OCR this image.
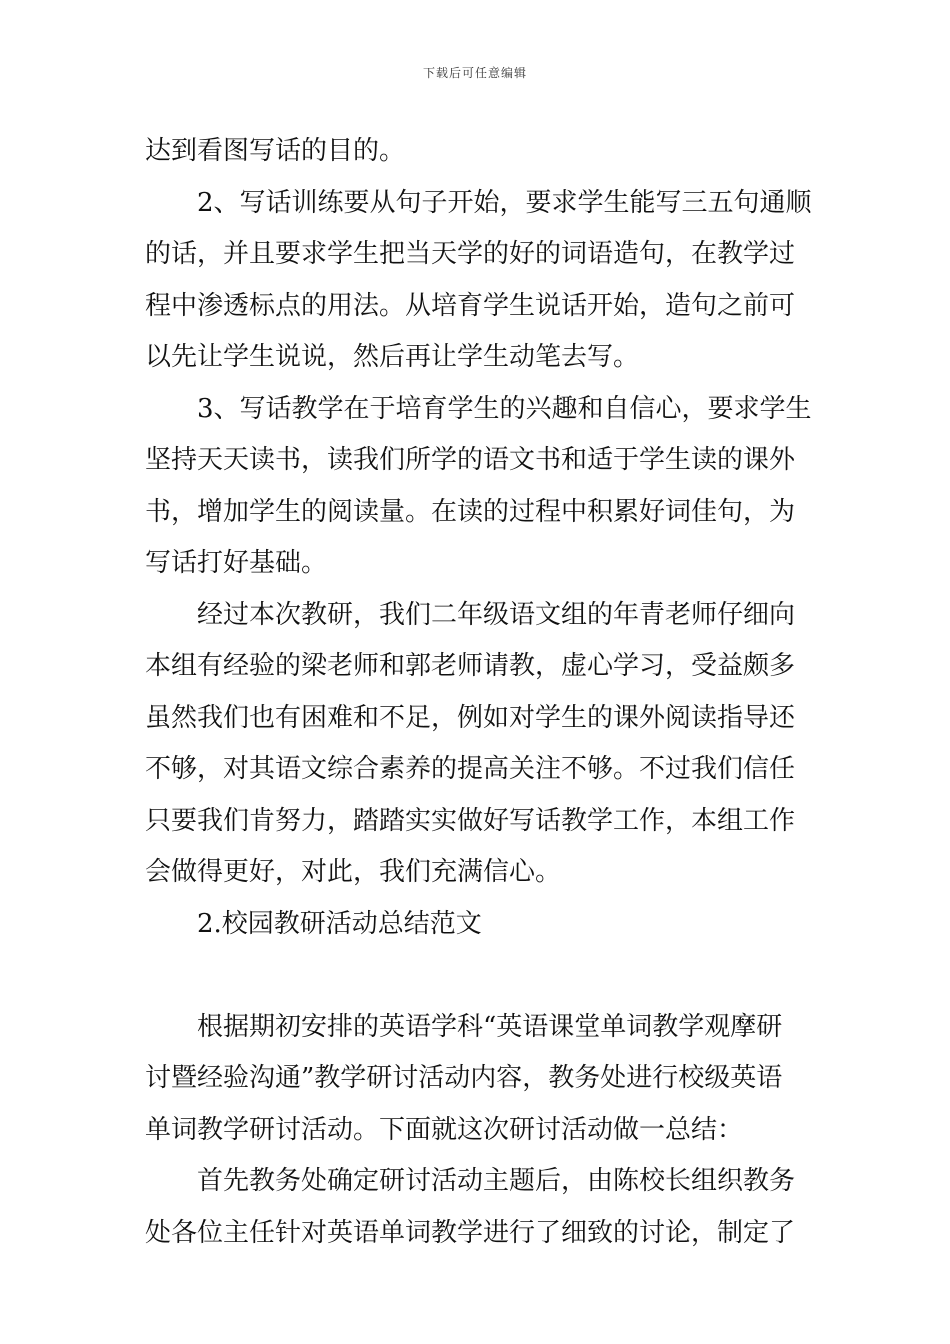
下载后可任意编辑
达到看图写话的目的。
2、写话训练要从句子开始，要求学生能写三五句通顺
的话，并且要求学生把当天学的好的词语造句，在教学过
程中渗透标点的用法。从培育学生说话开始，造句之前可
以先让学生说说，然后再让学生动笔去写。
3、写话教学在于培育学生的兴趣和自信心，要求学生
坚持天天读书，读我们所学的语文书和适于学生读的课外
书，增加学生的阅读量。在读的过程中积累好词佳句，为
写话打好基础。
经过本次教研，我们二年级语文组的年青老师仔细向
本组有经验的梁老师和郭老师请教，虚心学习，受益颇多
虽然我们也有困难和不足，例如对学生的课外阅读指导还
不够，对其语文综合素养的提高关注不够。不过我们信任
只要我们肯努力，踏踏实实做好写话教学工作，本组工作
会做得更好，对此，我们充满信心。
2.校园教研活动总结范文
根据期初安排的英语学科“英语课堂单词教学观摩研
讨暨经验沟通”教学研讨活动内容，教务处进行校级英语
单词教学研讨活动。下面就这次研讨活动做一总结：
首先教务处确定研讨活动主题后，由陈校长组织教务
处各位主任针对英语单词教学进行了细致的讨论，制定了
